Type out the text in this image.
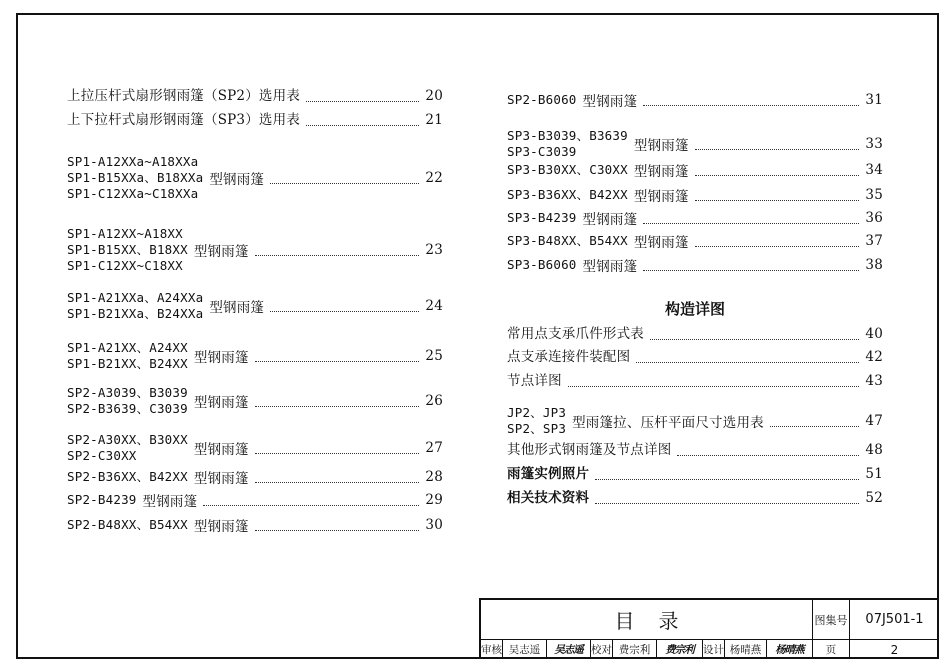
上拉压杆式扇形钢雨篷（SP2）选用表	20
上下拉杆式扇形钢雨篷（SP3）选用表	21
SP1-A12XXa~A18XXa
SP1-B15XXa、B18XXa
SP1-C12XXa~C18XXa
型钢雨篷	22
SP1-A12XX~A18XX
SP1-B15XX、B18XX
SP1-C12XX~C18XX
型钢雨篷	23
SP1-A21XXa、A24XXa
SP1-B21XXa、B24XXa 型钢雨篷	24
SP1-A21XX、A24XX
SP1-B21XX、B24XX 型钢雨篷	25
SP2-A3039、B3039
SP2-B3639、C3039 型钢雨篷	26
SP2-A30XX、B30XX
SP2-C30XX	型钢雨篷	27
SP2-B36XX、B42XX 型钢雨篷	28
SP2-B4239 型钢雨篷	29
SP2-B48XX、B54XX 型钢雨篷	30
构造详图
SP2-B6060 型钢雨篷	31
SP3-B3039、B3639
SP3-C3039	型钢雨篷	33
SP3-B30XX、C30XX 型钢雨篷	34
SP3-B36XX、B42XX 型钢雨篷	35
SP3-B4239 型钢雨篷	36
SP3-B48XX、B54XX 型钢雨篷	37
SP3-B6060 型钢雨篷	38
常用点支承爪件形式表	40
点支承连接件装配图	42
节点详图	43
JP2、JP3
SP2、SP3 型雨篷拉、压杆平面尺寸选用表	47
其他形式钢雨篷及节点详图	48
雨篷实例照片	51
相关技术资料	52
目录	图集号	07J501-1
审核 吴志遥	吴志遥 校对 费宗利	费宗利 设计 杨晴燕	杨晴燕	页	2
